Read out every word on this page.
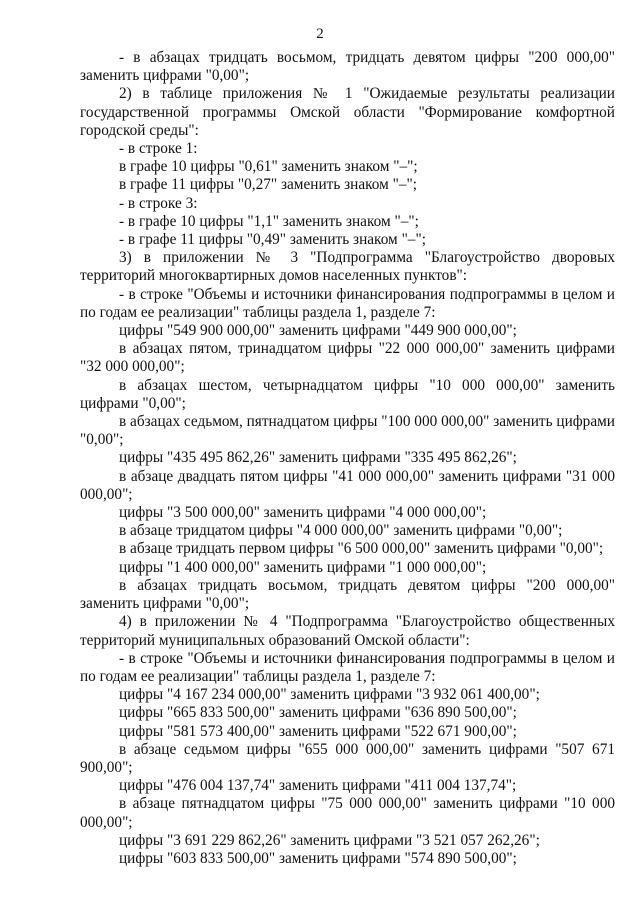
2

- в абзацах тридцать восьмом, тридцать девятом цифры "200 000,00" заменить цифрами "0,00";

2) в таблице приложения № 1 "Ожидаемые результаты реализации государственной программы Омской области "Формирование комфортной городской среды":

- в строке 1:

в графе 10 цифры "0,61" заменить знаком "–";

в графе 11 цифры "0,27" заменить знаком "–";

- в строке 3:

- в графе 10 цифры "1,1" заменить знаком "–";

- в графе 11 цифры "0,49" заменить знаком "–";

3) в приложении № 3 "Подпрограмма "Благоустройство дворовых территорий многоквартирных домов населенных пунктов":

- в строке "Объемы и источники финансирования подпрограммы в целом и по годам ее реализации" таблицы раздела 1, разделе 7:

цифры "549 900 000,00" заменить цифрами "449 900 000,00";

в абзацах пятом, тринадцатом цифры "22 000 000,00" заменить цифрами "32 000 000,00";

в абзацах шестом, четырнадцатом цифры "10 000 000,00" заменить цифрами "0,00";

в абзацах седьмом, пятнадцатом цифры "100 000 000,00" заменить цифрами "0,00";

цифры "435 495 862,26" заменить цифрами "335 495 862,26";

в абзаце двадцать пятом цифры "41 000 000,00" заменить цифрами "31 000 000,00";

цифры "3 500 000,00" заменить цифрами "4 000 000,00";

в абзаце тридцатом цифры "4 000 000,00" заменить цифрами "0,00";

в абзаце тридцать первом цифры "6 500 000,00" заменить цифрами "0,00";

цифры "1 400 000,00" заменить цифрами "1 000 000,00";

в абзацах тридцать восьмом, тридцать девятом цифры "200 000,00" заменить цифрами "0,00";

4) в приложении № 4 "Подпрограмма "Благоустройство общественных территорий муниципальных образований Омской области":

- в строке "Объемы и источники финансирования подпрограммы в целом и по годам ее реализации" таблицы раздела 1, разделе 7:

цифры "4 167 234 000,00" заменить цифрами "3 932 061 400,00";

цифры "665 833 500,00" заменить цифрами "636 890 500,00";

цифры "581 573 400,00" заменить цифрами "522 671 900,00";

в абзаце седьмом цифры "655 000 000,00" заменить цифрами "507 671 900,00";

цифры "476 004 137,74" заменить цифрами "411 004 137,74";

в абзаце пятнадцатом цифры "75 000 000,00" заменить цифрами "10 000 000,00";

цифры "3 691 229 862,26" заменить цифрами "3 521 057 262,26";

цифры "603 833 500,00" заменить цифрами "574 890 500,00";
